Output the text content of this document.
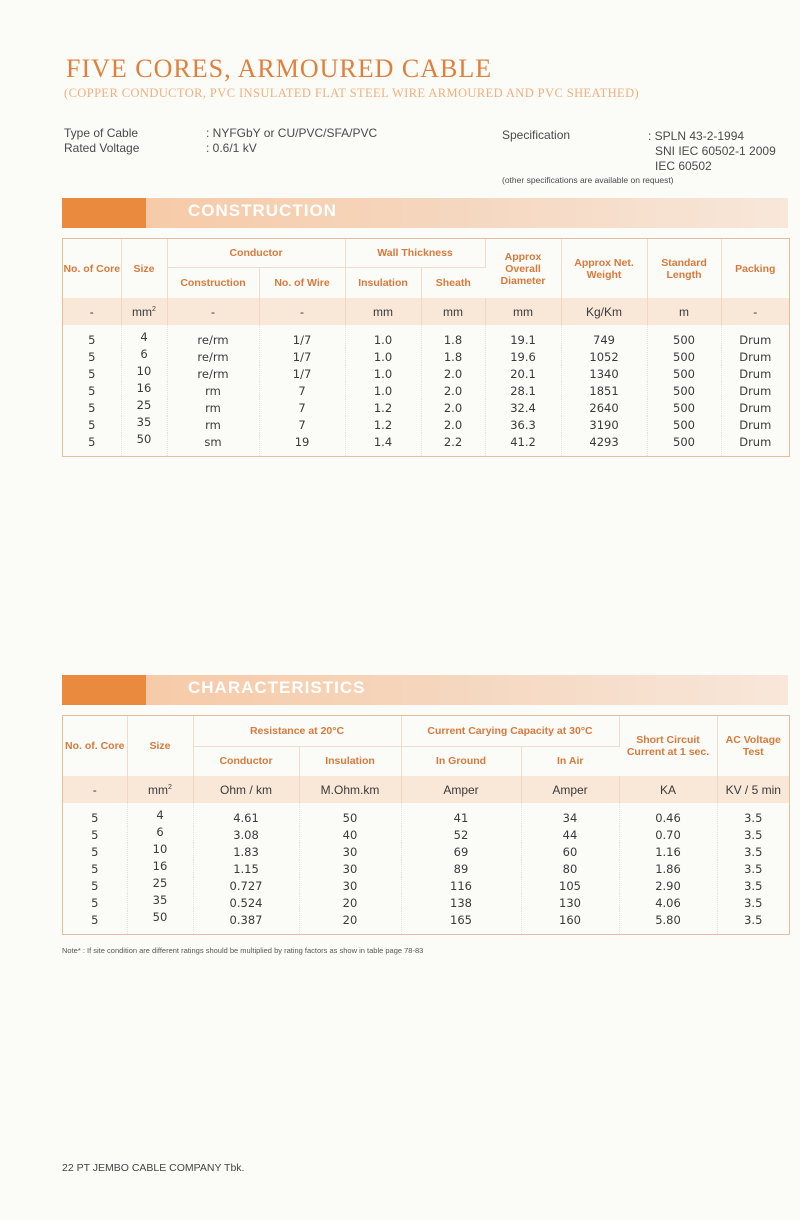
FIVE CORES, ARMOURED CABLE
(COPPER CONDUCTOR, PVC INSULATED FLAT STEEL WIRE ARMOURED AND PVC SHEATHED)
Type of Cable	: NYFGbY or CU/PVC/SFA/PVC
Rated Voltage	: 0.6/1 kV
Specification	: SPLN 43-2-1994
SNI IEC 60502-1 2009
IEC 60502
(other specifications are available on request)
CONSTRUCTION
No. of Core	Size	Conductor		Wall Thickness		Approx Overall Diameter	Approx Net. Weight	Standard Length	Packing
		Construction	No. of Wire	Insulation	Sheath				
-	$mm^2$	-	-	mm	mm	mm	Kg/Km	m	-
5	4	re/rm	1/7	1.0	1.8	19.1	749	500	Drum
5	6	re/rm	1/7	1.0	1.8	19.6	1052	500	Drum
5	10	re/rm	1/7	1.0	2.0	20.1	1340	500	Drum
5	16	rm	7	1.0	2.0	28.1	1851	500	Drum
5	25	rm	7	1.2	2.0	32.4	2640	500	Drum
5	35	rm	7	1.2	2.0	36.3	3190	500	Drum
5	50	sm	19	1.4	2.2	41.2	4293	500	Drum
CHARACTERISTICS
No. of. Core	Size	Resistance at 20°C		Current Carying Capacity at 30°C		Short Circuit Current at 1 sec.	AC Voltage Test
		Conductor	Insulation	In Ground	In Air		
-	$mm^2$	Ohm / km	M.Ohm.km	Amper	Amper	KA	KV / 5 min
5	4	4.61	50	41	34	0.46	3.5
5	6	3.08	40	52	44	0.70	3.5
5	10	1.83	30	69	60	1.16	3.5
5	16	1.15	30	89	80	1.86	3.5
5	25	0.727	30	116	105	2.90	3.5
5	35	0.524	20	138	130	4.06	3.5
5	50	0.387	20	165	160	5.80	3.5
Note* : If site condition are different ratings should be multiplied by rating factors as show in table page 78-83
22 PT JEMBO CABLE COMPANY Tbk.
